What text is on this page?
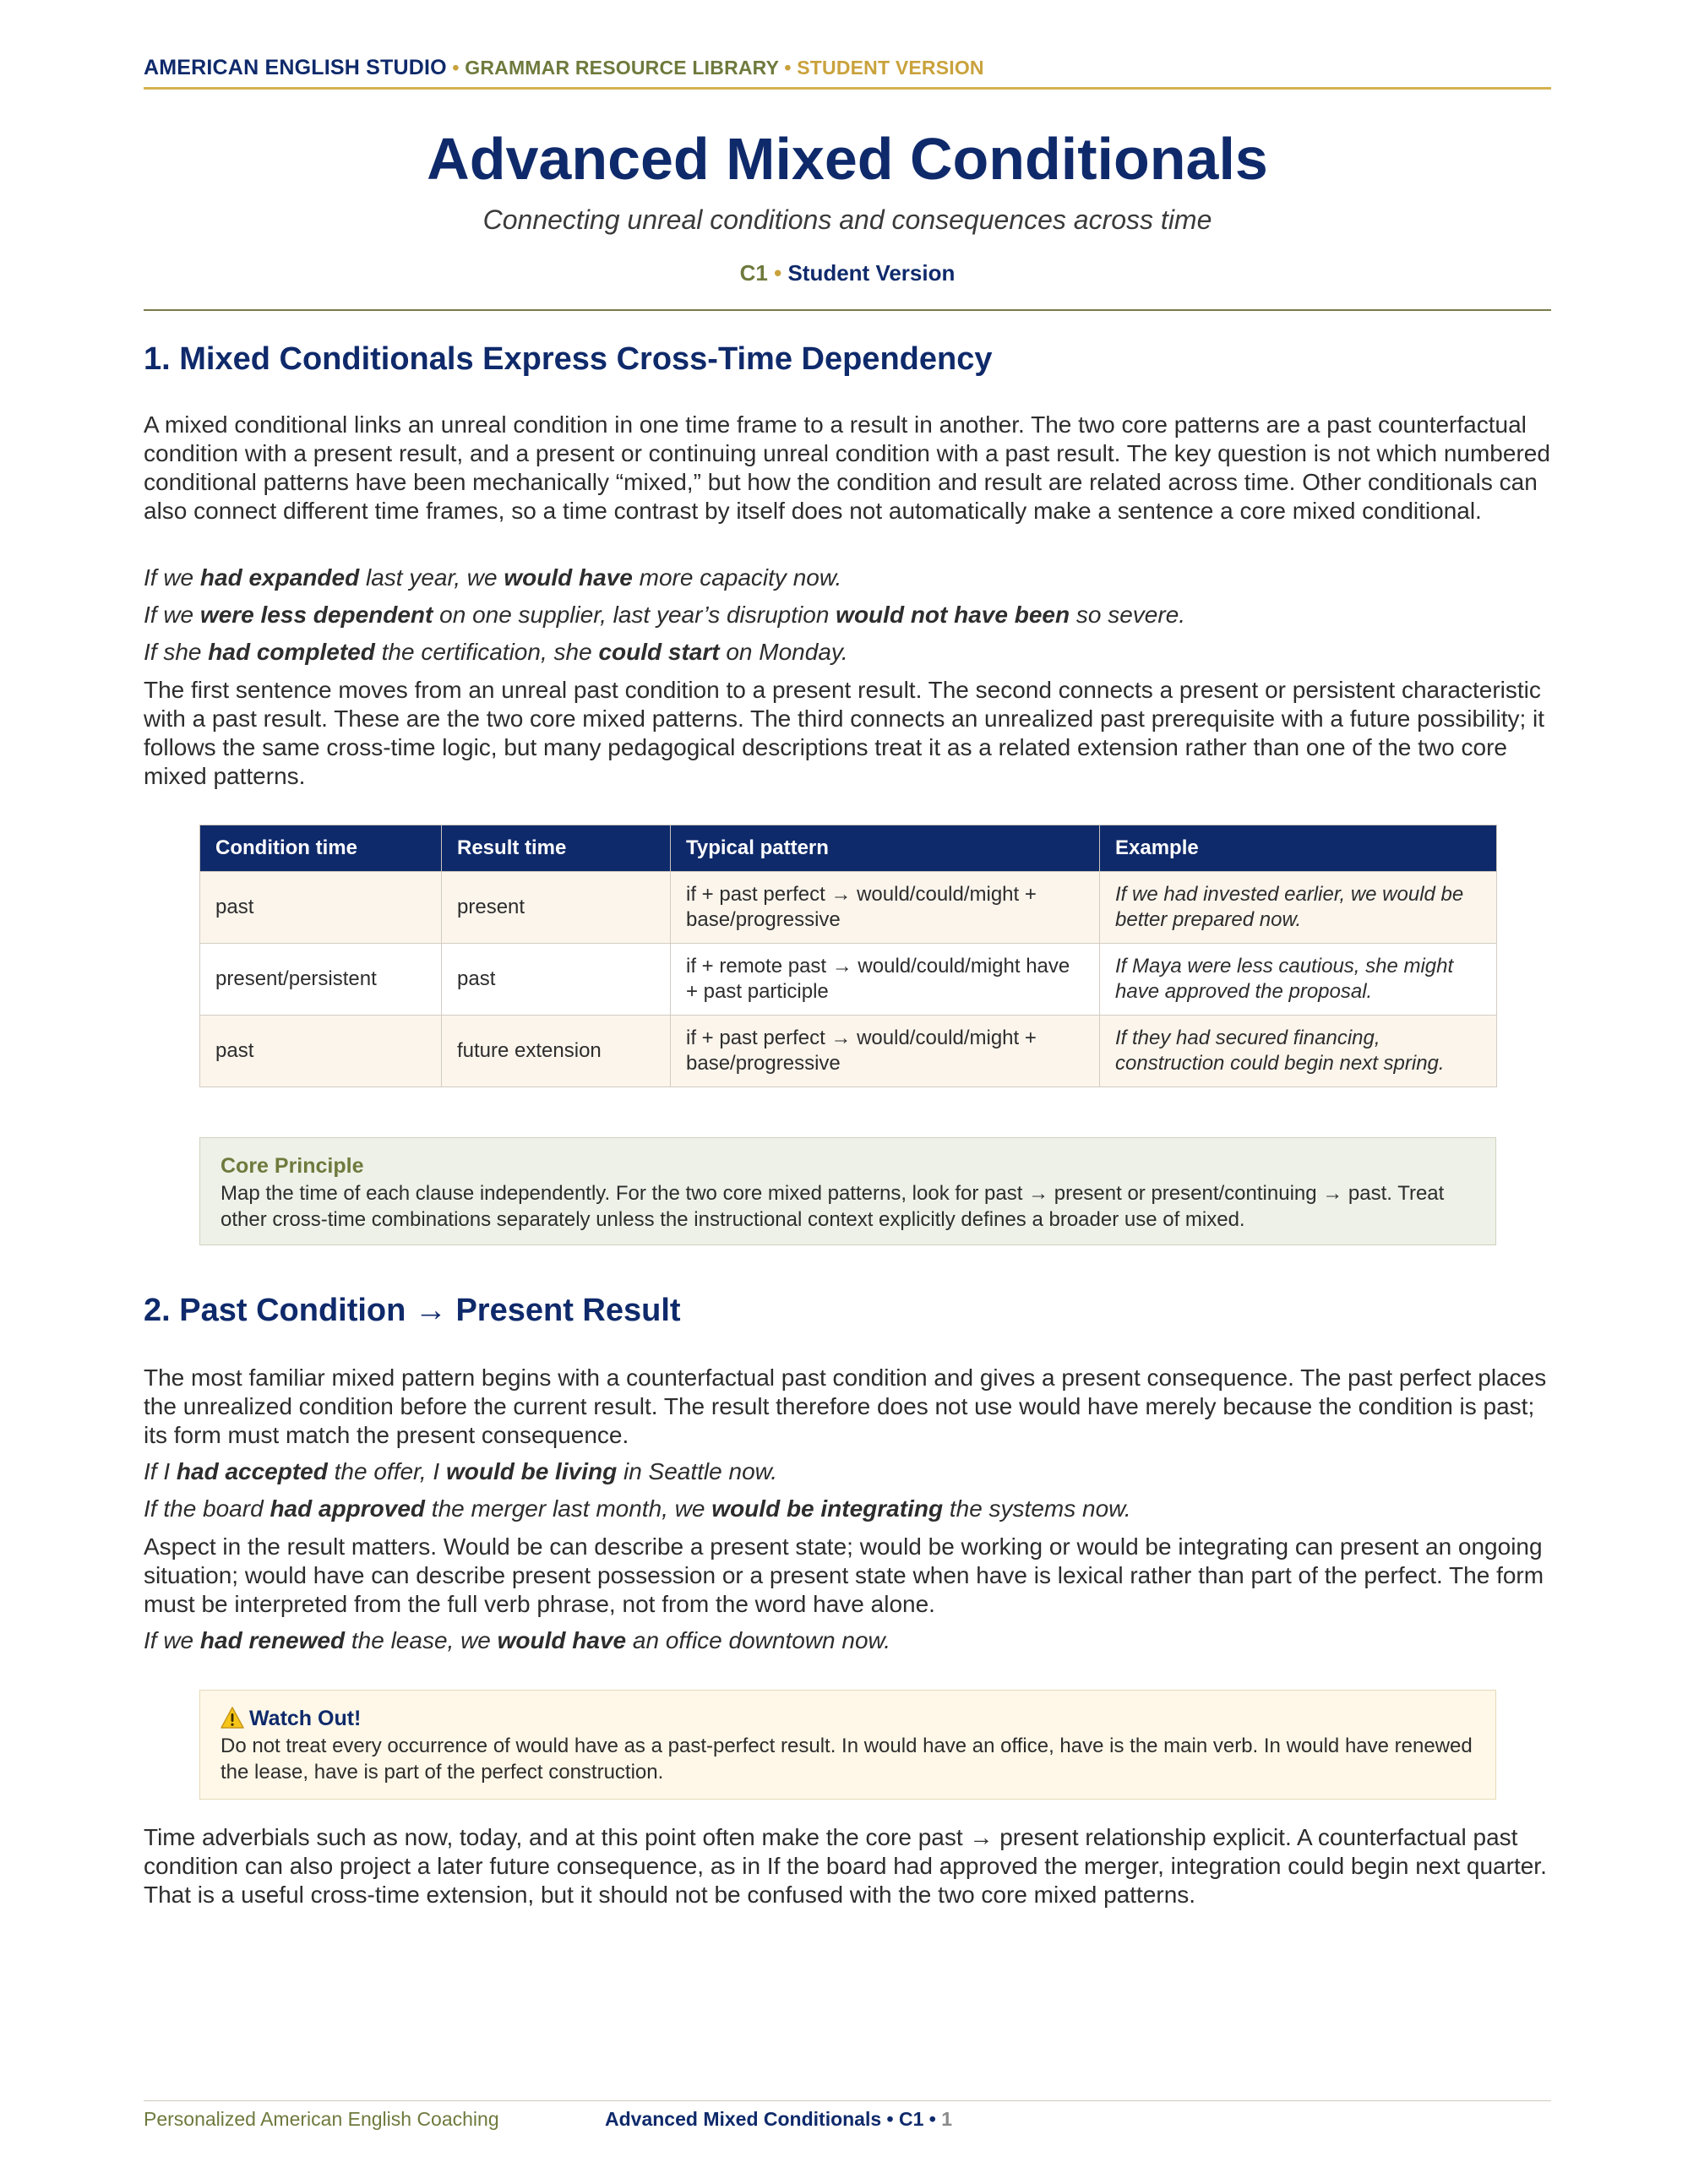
AMERICAN ENGLISH STUDIO • GRAMMAR RESOURCE LIBRARY • STUDENT VERSION
Advanced Mixed Conditionals
Connecting unreal conditions and consequences across time
C1 • Student Version
1. Mixed Conditionals Express Cross-Time Dependency

A mixed conditional links an unreal condition in one time frame to a result in another. The two core patterns are a past counterfactual condition with a present result, and a present or continuing unreal condition with a past result. The key question is not which numbered conditional patterns have been mechanically “mixed,” but how the condition and result are related across time. Other conditionals can also connect different time frames, so a time contrast by itself does not automatically make a sentence a core mixed conditional.

If we had expanded last year, we would have more capacity now.
If we were less dependent on one supplier, last year’s disruption would not have been so severe.
If she had completed the certification, she could start on Monday.

The first sentence moves from an unreal past condition to a present result. The second connects a present or persistent characteristic with a past result. These are the two core mixed patterns. The third connects an unrealized past prerequisite with a future possibility; it follows the same cross-time logic, but many pedagogical descriptions treat it as a related extension rather than one of the two core mixed patterns.

Condition time	Result time	Typical pattern	Example
past	present	if + past perfect → would/could/might + base/progressive	If we had invested earlier, we would be better prepared now.
present/persistent	past	if + remote past → would/could/might have + past participle	If Maya were less cautious, she might have approved the proposal.
past	future extension	if + past perfect → would/could/might + base/progressive	If they had secured financing, construction could begin next spring.
Core Principle
Map the time of each clause independently. For the two core mixed patterns, look for past → present or present/continuing → past. Treat other cross-time combinations separately unless the instructional context explicitly defines a broader use of mixed.
2. Past Condition → Present Result

The most familiar mixed pattern begins with a counterfactual past condition and gives a present consequence. The past perfect places the unrealized condition before the current result. The result therefore does not use would have merely because the condition is past; its form must match the present consequence.

If I had accepted the offer, I would be living in Seattle now.
If the board had approved the merger last month, we would be integrating the systems now.

Aspect in the result matters. Would be can describe a present state; would be working or would be integrating can present an ongoing situation; would have can describe present possession or a present state when have is lexical rather than part of the perfect. The form must be interpreted from the full verb phrase, not from the word have alone.

If we had renewed the lease, we would have an office downtown now.
Watch Out!
Do not treat every occurrence of would have as a past-perfect result. In would have an office, have is the main verb. In would have renewed the lease, have is part of the perfect construction.

Time adverbials such as now, today, and at this point often make the core past → present relationship explicit. A counterfactual past condition can also project a later future consequence, as in If the board had approved the merger, integration could begin next quarter. That is a useful cross-time extension, but it should not be confused with the two core mixed patterns.

Personalized American English Coaching	Advanced Mixed Conditionals • C1 • 1
